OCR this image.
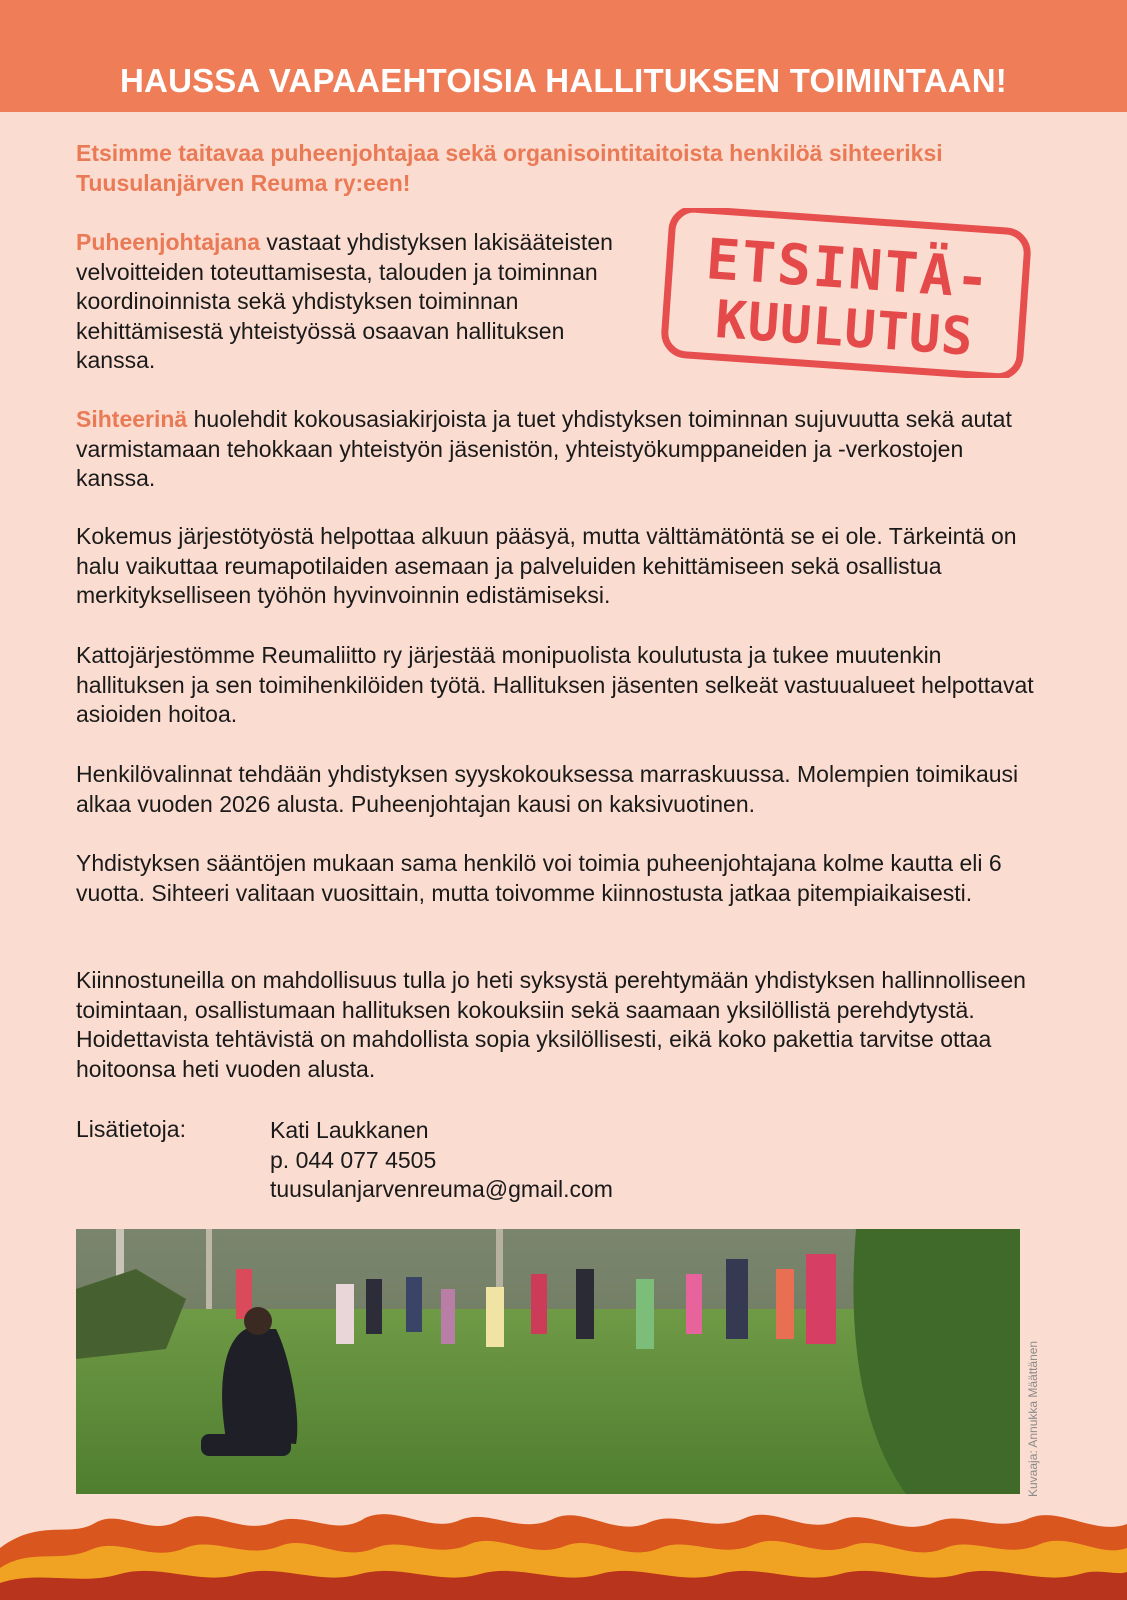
HAUSSA VAPAAEHTOISIA HALLITUKSEN TOIMINTAAN!
Etsimme taitavaa puheenjohtajaa sekä organisointitaitoista henkilöä sihteeriksi Tuusulanjärven Reuma ry:een!

Puheenjohtajana vastaat yhdistyksen lakisääteisten velvoitteiden toteuttamisesta, talouden ja toiminnan koordinoinnista sekä yhdistyksen toiminnan kehittämisestä yhteistyössä osaavan hallituksen kanssa.

ETSINTÄ-
KUULUTUS

Sihteerinä huolehdit kokousasiakirjoista ja tuet yhdistyksen toiminnan sujuvuutta sekä autat varmistamaan tehokkaan yhteistyön jäsenistön, yhteistyökumppaneiden ja -verkostojen kanssa.

Kokemus järjestötyöstä helpottaa alkuun pääsyä, mutta välttämätöntä se ei ole. Tärkeintä on halu vaikuttaa reumapotilaiden asemaan ja palveluiden kehittämiseen sekä osallistua merkitykselliseen työhön hyvinvoinnin edistämiseksi.

Kattojärjestömme Reumaliitto ry järjestää monipuolista koulutusta ja tukee muutenkin hallituksen ja sen toimihenkilöiden työtä. Hallituksen jäsenten selkeät vastuualueet helpottavat asioiden hoitoa.

Henkilövalinnat tehdään yhdistyksen syyskokouksessa marraskuussa. Molempien toimikausi alkaa vuoden 2026 alusta. Puheenjohtajan kausi on kaksivuotinen.

Yhdistyksen sääntöjen mukaan sama henkilö voi toimia puheenjohtajana kolme kautta eli 6 vuotta. Sihteeri valitaan vuosittain, mutta toivomme kiinnostusta jatkaa pitempiaikaisesti.

Kiinnostuneilla on mahdollisuus tulla jo heti syksystä perehtymään yhdistyksen hallinnolliseen toimintaan, osallistumaan hallituksen kokouksiin sekä saamaan yksilöllistä perehdytystä. Hoidettavista tehtävistä on mahdollista sopia yksilöllisesti, eikä koko pakettia tarvitse ottaa hoitoonsa heti vuoden alusta.

Lisätietoja:	Kati Laukkanen
p. 044 077 4505
tuusulanjarvenreuma@gmail.com
Kuvaaja: Annukka Määttänen
